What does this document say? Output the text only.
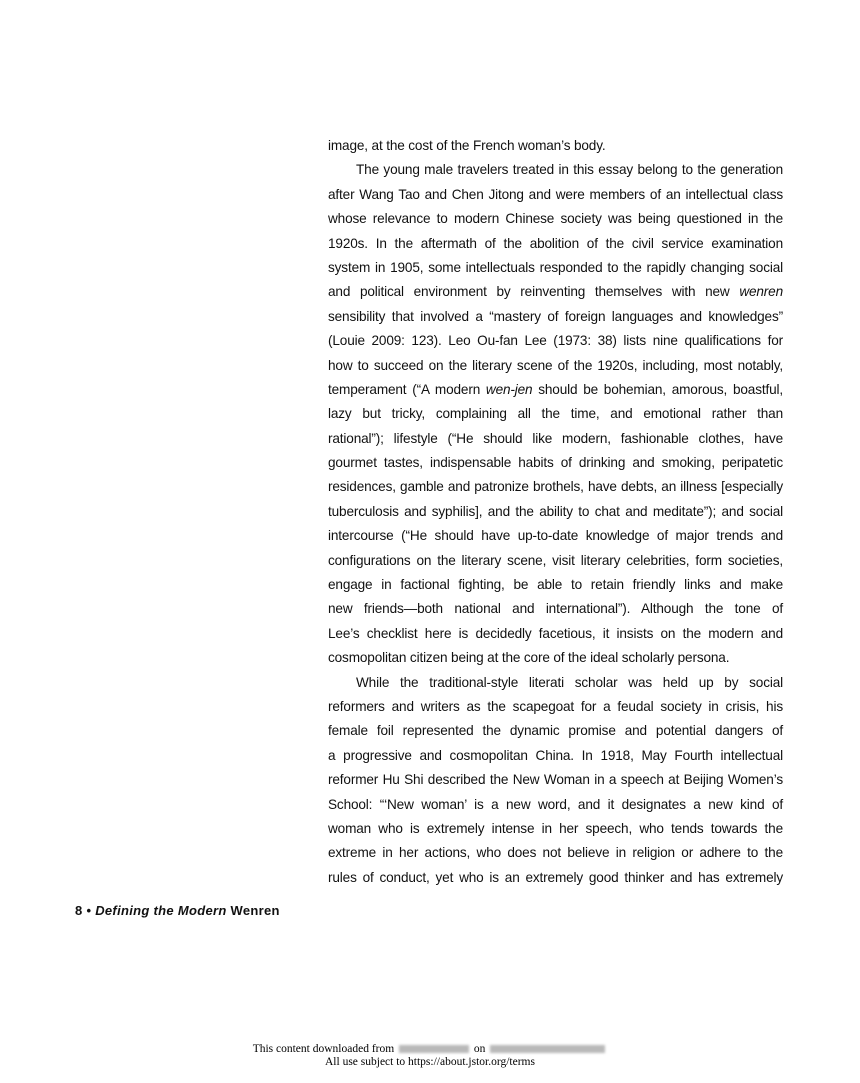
image, at the cost of the French woman’s body.
The young male travelers treated in this essay belong to the generation
after Wang Tao and Chen Jitong and were members of an intellectual class
whose relevance to modern Chinese society was being questioned in the
1920s. In the aftermath of the abolition of the civil service examination
system in 1905, some intellectuals responded to the rapidly changing social
and political environment by reinventing themselves with new wenren
sensibility that involved a “mastery of foreign languages and knowledges”
(Louie 2009: 123). Leo Ou-fan Lee (1973: 38) lists nine qualifications for
how to succeed on the literary scene of the 1920s, including, most notably,
temperament (“A modern wen-jen should be bohemian, amorous, boastful,
lazy but tricky, complaining all the time, and emotional rather than
rational”); lifestyle (“He should like modern, fashionable clothes, have
gourmet tastes, indispensable habits of drinking and smoking, peripatetic
residences, gamble and patronize brothels, have debts, an illness [especially
tuberculosis and syphilis], and the ability to chat and meditate”); and social
intercourse (“He should have up-to-date knowledge of major trends and
configurations on the literary scene, visit literary celebrities, form societies,
engage in factional fighting, be able to retain friendly links and make
new friends—both national and international”). Although the tone of
Lee’s checklist here is decidedly facetious, it insists on the modern and
cosmopolitan citizen being at the core of the ideal scholarly persona.
While the traditional-style literati scholar was held up by social
reformers and writers as the scapegoat for a feudal society in crisis, his
female foil represented the dynamic promise and potential dangers of
a progressive and cosmopolitan China. In 1918, May Fourth intellectual
reformer Hu Shi described the New Woman in a speech at Beijing Women’s
School: “‘New woman’ is a new word, and it designates a new kind of
woman who is extremely intense in her speech, who tends towards the
extreme in her actions, who does not believe in religion or adhere to the
rules of conduct, yet who is an extremely good thinker and has extremely
8 • Defining the Modern Wenren
This content downloaded from	on
All use subject to https://about.jstor.org/terms
